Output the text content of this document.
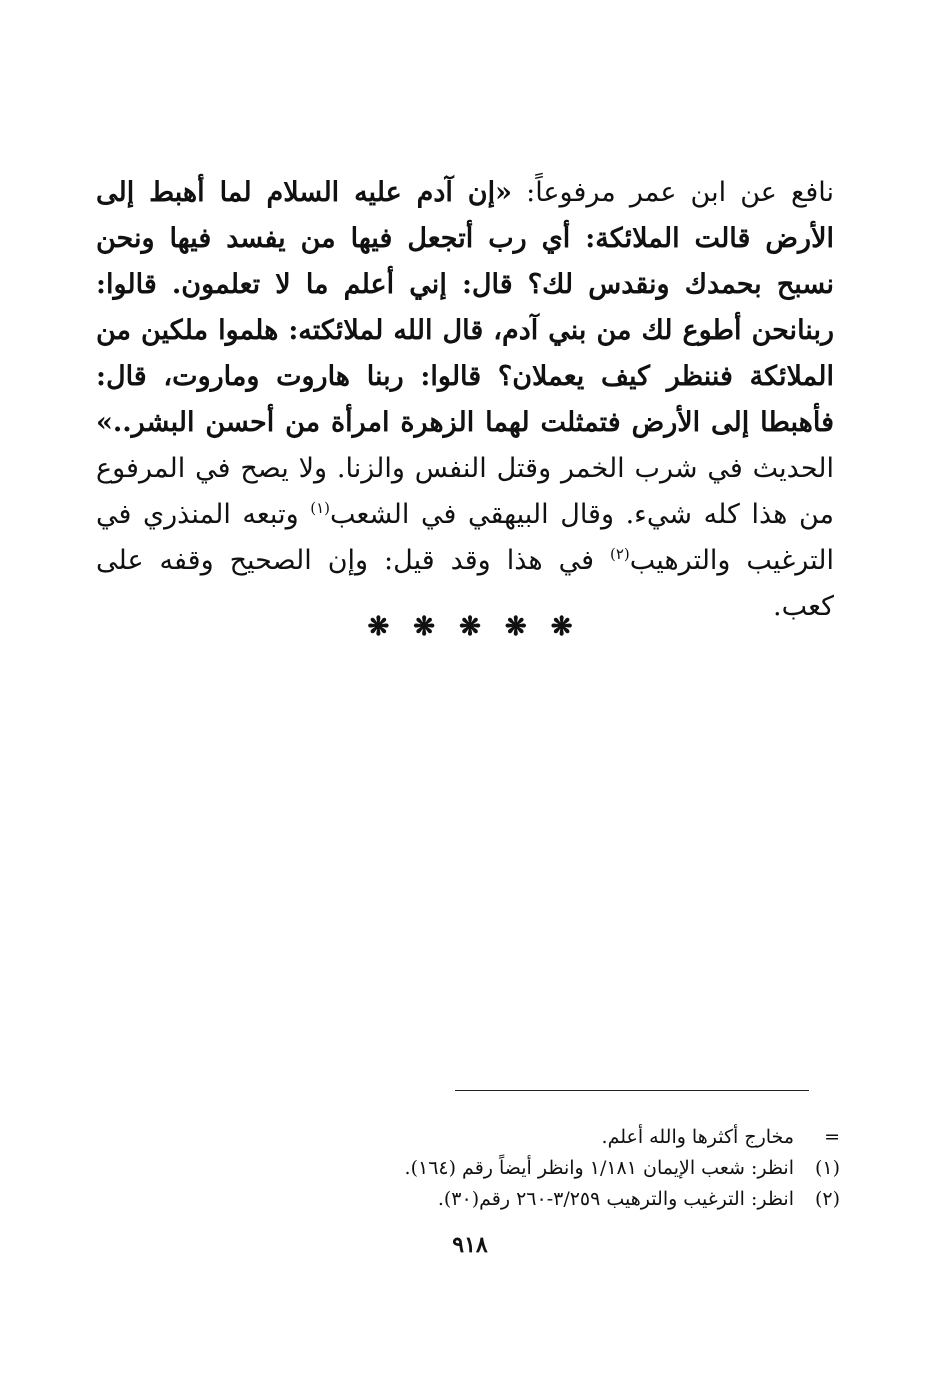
نافع عن ابن عمر مرفوعاً: «إن آدم عليه السلام لما أهبط إلى الأرض قالت الملائكة: أي رب أتجعل فيها من يفسد فيها ونحن نسبح بحمدك ونقدس لك؟ قال: إني أعلم ما لا تعلمون. قالوا: ربنانحن أطوع لك من بني آدم، قال الله لملائكته: هلموا ملكين من الملائكة فننظر كيف يعملان؟ قالوا: ربنا هاروت وماروت، قال: فأهبطا إلى الأرض فتمثلت لهما الزهرة امرأة من أحسن البشر..» الحديث في شرب الخمر وقتل النفس والزنا. ولا يصح في المرفوع من هذا كله شيء. وقال البيهقي في الشعب$^{(١)}$ وتبعه المنذري في الترغيب والترهيب$^{(٢)}$ في هذا وقد قيل: وإن الصحيح وقفه على كعب.

❋ ❋ ❋ ❋ ❋
=
مخارج أكثرها والله أعلم.
(١)
انظر: شعب الإيمان ١/١٨١ وانظر أيضاً رقم (١٦٤).
(٢)
انظر: الترغيب والترهيب ٣/٢٥٩-٢٦٠ رقم(٣٠).
٩١٨
